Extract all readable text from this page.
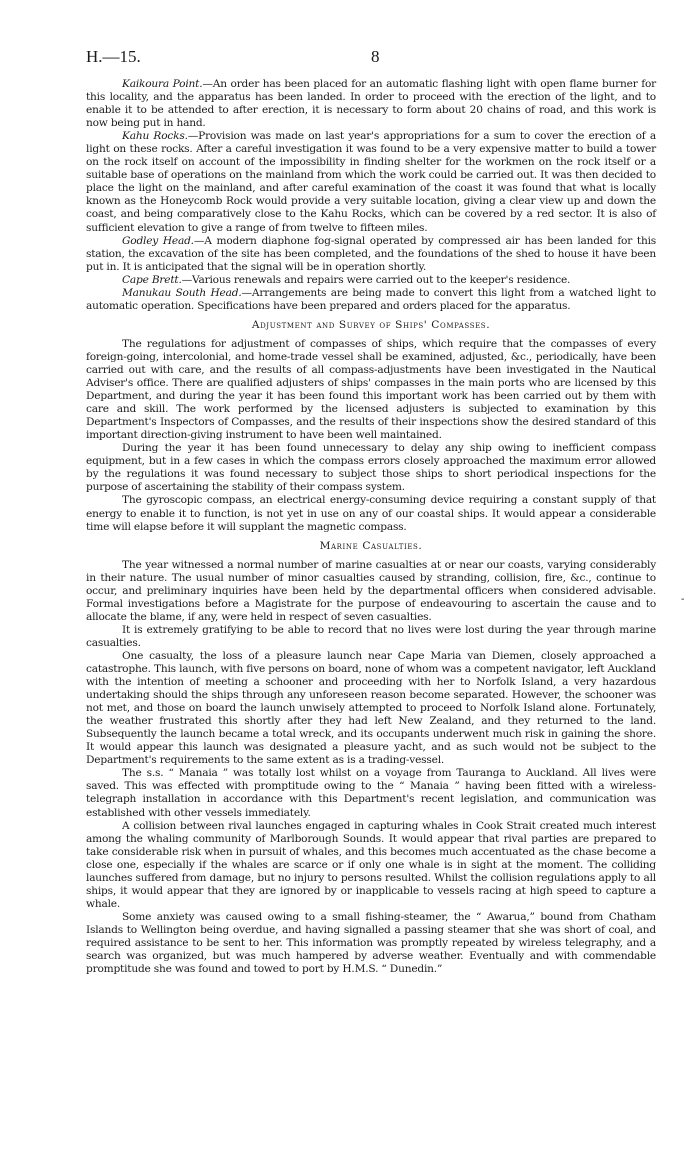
H.—15.	8

Kaikoura Point.—An order has been placed for an automatic flashing light with open flame burner for this locality, and the apparatus has been landed. In order to proceed with the erection of the light, and to enable it to be attended to after erection, it is necessary to form about 20 chains of road, and this work is now being put in hand.

Kahu Rocks.—Provision was made on last year's appropriations for a sum to cover the erection of a light on these rocks. After a careful investigation it was found to be a very expensive matter to build a tower on the rock itself on account of the impossibility in finding shelter for the workmen on the rock itself or a suitable base of operations on the mainland from which the work could be carried out. It was then decided to place the light on the mainland, and after careful examination of the coast it was found that what is locally known as the Honeycomb Rock would provide a very suitable location, giving a clear view up and down the coast, and being comparatively close to the Kahu Rocks, which can be covered by a red sector. It is also of sufficient elevation to give a range of from twelve to fifteen miles.

Godley Head.—A modern diaphone fog-signal operated by compressed air has been landed for this station, the excavation of the site has been completed, and the foundations of the shed to house it have been put in. It is anticipated that the signal will be in operation shortly.

Cape Brett.—Various renewals and repairs were carried out to the keeper's residence.

Manukau South Head.—Arrangements are being made to convert this light from a watched light to automatic operation. Specifications have been prepared and orders placed for the apparatus.

Adjustment and Survey of Ships' Compasses.

The regulations for adjustment of compasses of ships, which require that the compasses of every foreign-going, intercolonial, and home-trade vessel shall be examined, adjusted, &c., periodically, have been carried out with care, and the results of all compass-adjustments have been investigated in the Nautical Adviser's office. There are qualified adjusters of ships' compasses in the main ports who are licensed by this Department, and during the year it has been found this important work has been carried out by them with care and skill. The work performed by the licensed adjusters is subjected to examination by this Department's Inspectors of Compasses, and the results of their inspections show the desired standard of this important direction-giving instrument to have been well maintained.

During the year it has been found unnecessary to delay any ship owing to inefficient compass equipment, but in a few cases in which the compass errors closely approached the maximum error allowed by the regulations it was found necessary to subject those ships to short periodical inspections for the purpose of ascertaining the stability of their compass system.

The gyroscopic compass, an electrical energy-consuming device requiring a constant supply of that energy to enable it to function, is not yet in use on any of our coastal ships. It would appear a considerable time will elapse before it will supplant the magnetic compass.

Marine Casualties.

The year witnessed a normal number of marine casualties at or near our coasts, varying considerably in their nature. The usual number of minor casualties caused by stranding, collision, fire, &c., continue to occur, and preliminary inquiries have been held by the departmental officers when considered advisable. Formal investigations before a Magistrate for the purpose of endeavouring to ascertain the cause and to allocate the blame, if any, were held in respect of seven casualties.

It is extremely gratifying to be able to record that no lives were lost during the year through marine casualties.

One casualty, the loss of a pleasure launch near Cape Maria van Diemen, closely approached a catastrophe. This launch, with five persons on board, none of whom was a competent navigator, left Auckland with the intention of meeting a schooner and proceeding with her to Norfolk Island, a very hazardous undertaking should the ships through any unforeseen reason become separated. However, the schooner was not met, and those on board the launch unwisely attempted to proceed to Norfolk Island alone. Fortunately, the weather frustrated this shortly after they had left New Zealand, and they returned to the land. Subsequently the launch became a total wreck, and its occupants underwent much risk in gaining the shore. It would appear this launch was designated a pleasure yacht, and as such would not be subject to the Department's requirements to the same extent as is a trading-vessel.

The s.s. “ Manaia ” was totally lost whilst on a voyage from Tauranga to Auckland. All lives were saved. This was effected with promptitude owing to the “ Manaia ” having been fitted with a wireless-telegraph installation in accordance with this Department's recent legislation, and communication was established with other vessels immediately.

A collision between rival launches engaged in capturing whales in Cook Strait created much interest among the whaling community of Marlborough Sounds. It would appear that rival parties are prepared to take considerable risk when in pursuit of whales, and this becomes much accentuated as the chase become a close one, especially if the whales are scarce or if only one whale is in sight at the moment. The colliding launches suffered from damage, but no injury to persons resulted. Whilst the collision regulations apply to all ships, it would appear that they are ignored by or inapplicable to vessels racing at high speed to capture a whale.

Some anxiety was caused owing to a small fishing-steamer, the “ Awarua,” bound from Chatham Islands to Wellington being overdue, and having signalled a passing steamer that she was short of coal, and required assistance to be sent to her. This information was promptly repeated by wireless telegraphy, and a search was organized, but was much hampered by adverse weather. Eventually and with commendable promptitude she was found and towed to port by H.M.S. “ Dunedin.”

-
